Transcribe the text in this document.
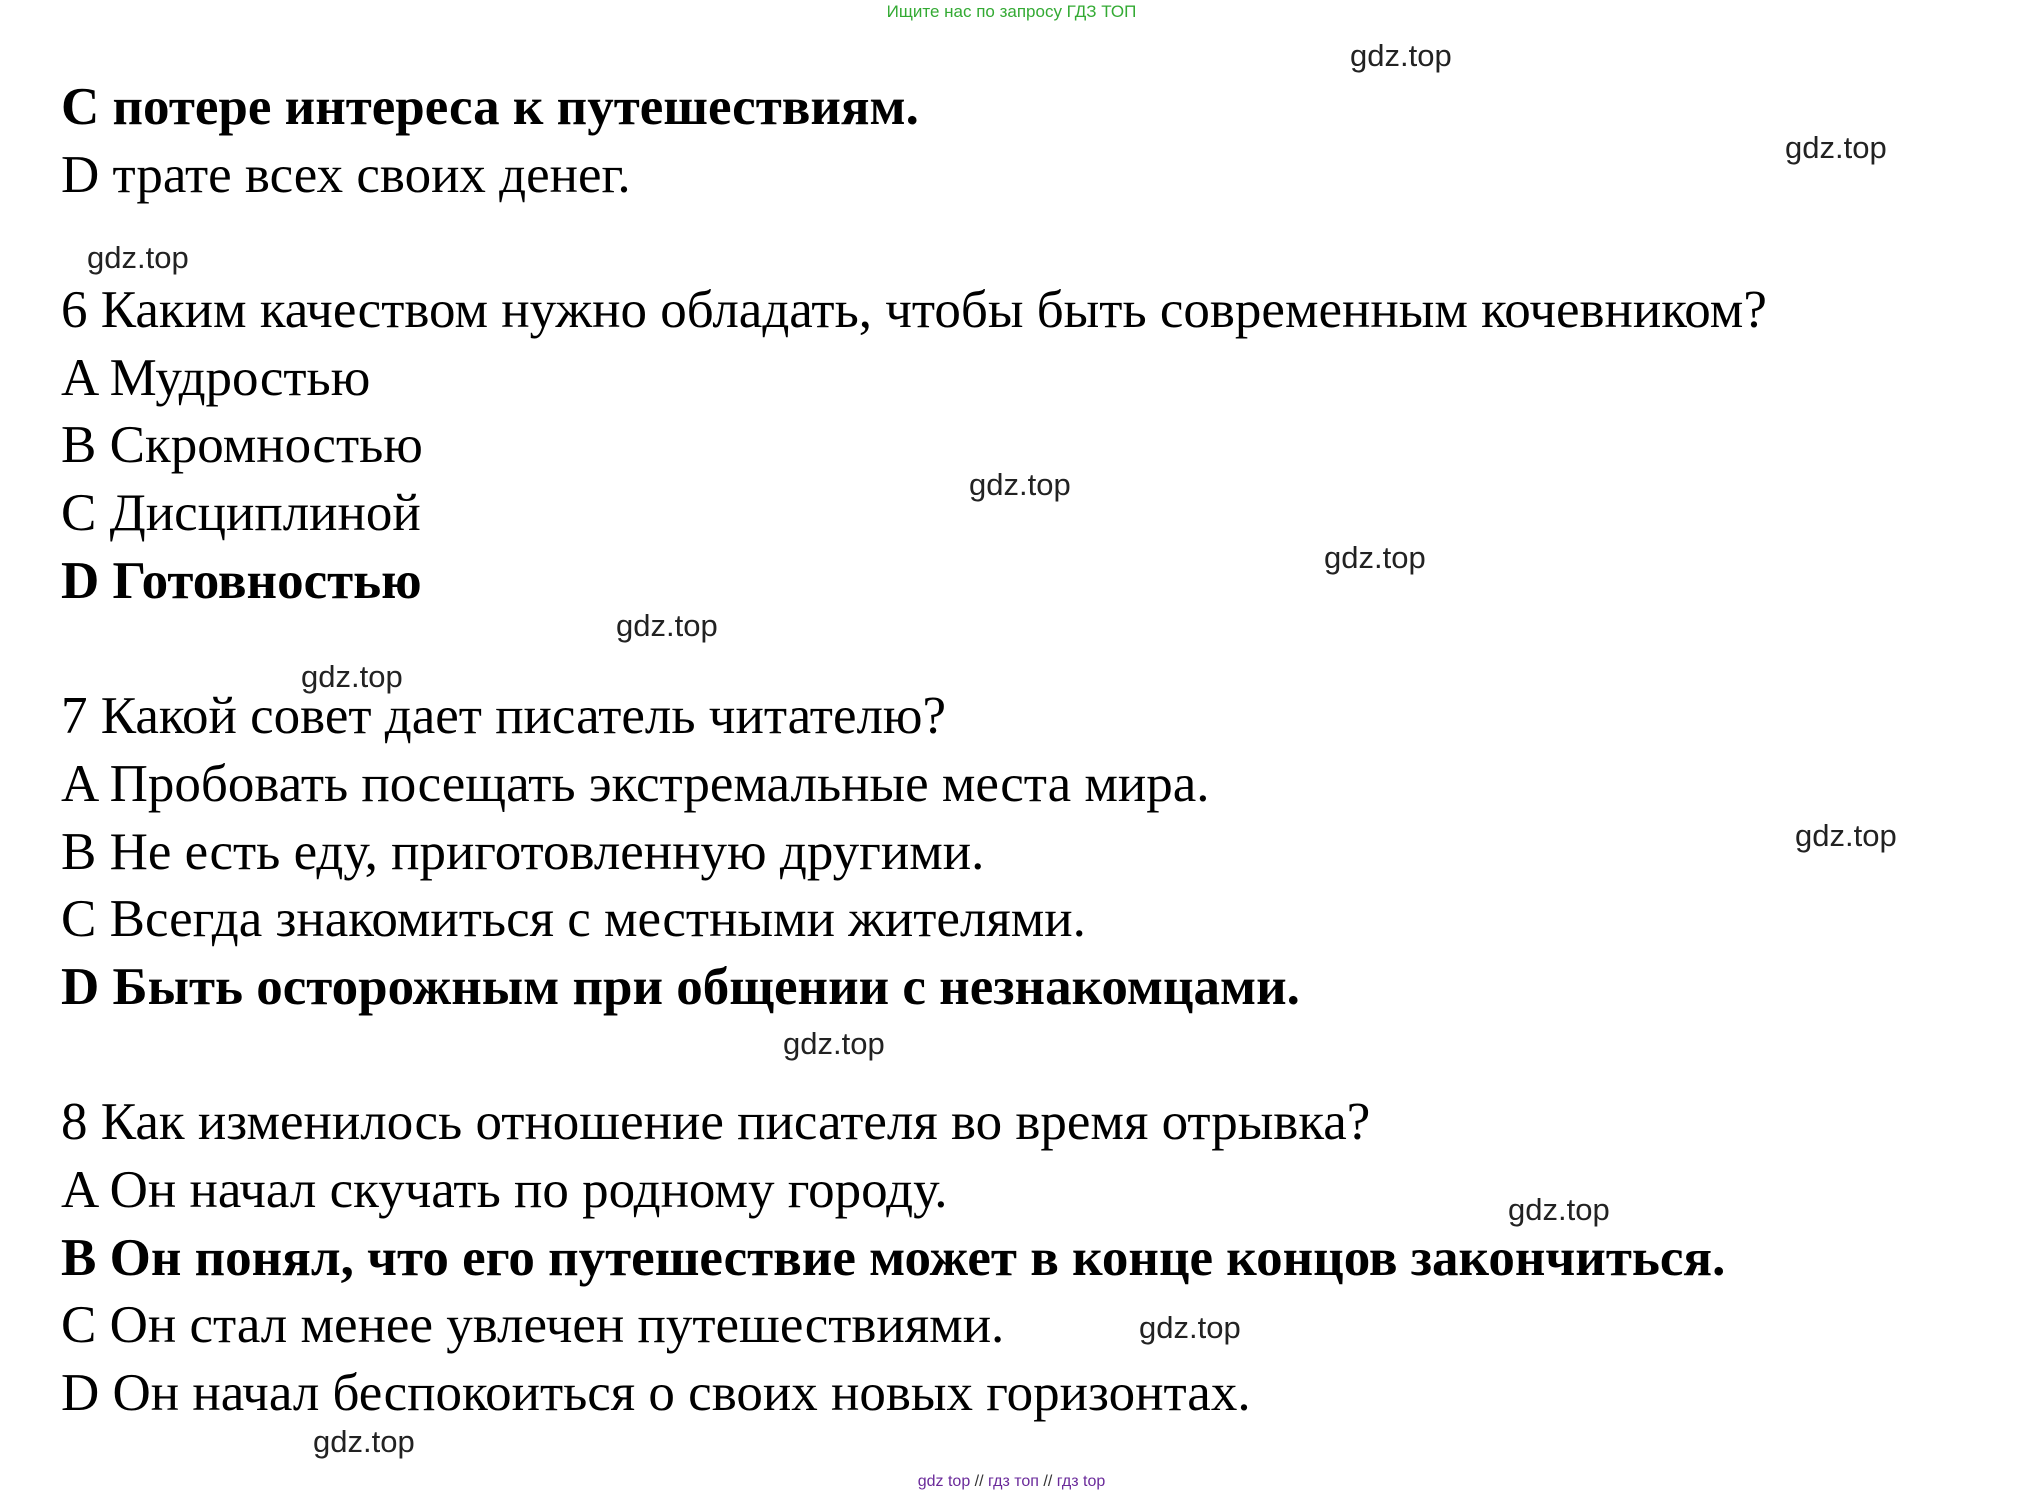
Ищите нас по запросу ГДЗ ТОП
C потере интереса к путешествиям.
D трате всех своих денег.
6 Каким качеством нужно обладать, чтобы быть современным кочевником?
A Мудростью
B Скромностью
C Дисциплиной
D Готовностью
7 Какой совет дает писатель читателю?
A Пробовать посещать экстремальные места мира.
B Не есть еду, приготовленную другими.
C Всегда знакомиться с местными жителями.
D Быть осторожным при общении с незнакомцами.
8 Как изменилось отношение писателя во время отрывка?
A Он начал скучать по родному городу.
B Он понял, что его путешествие может в конце концов закончиться.
C Он стал менее увлечен путешествиями.
D Он начал беспокоиться о своих новых горизонтах.
gdz.top
gdz.top
gdz.top
gdz.top
gdz.top
gdz.top
gdz.top
gdz.top
gdz.top
gdz.top
gdz.top
gdz.top
gdz top // гдз топ // гдз top
